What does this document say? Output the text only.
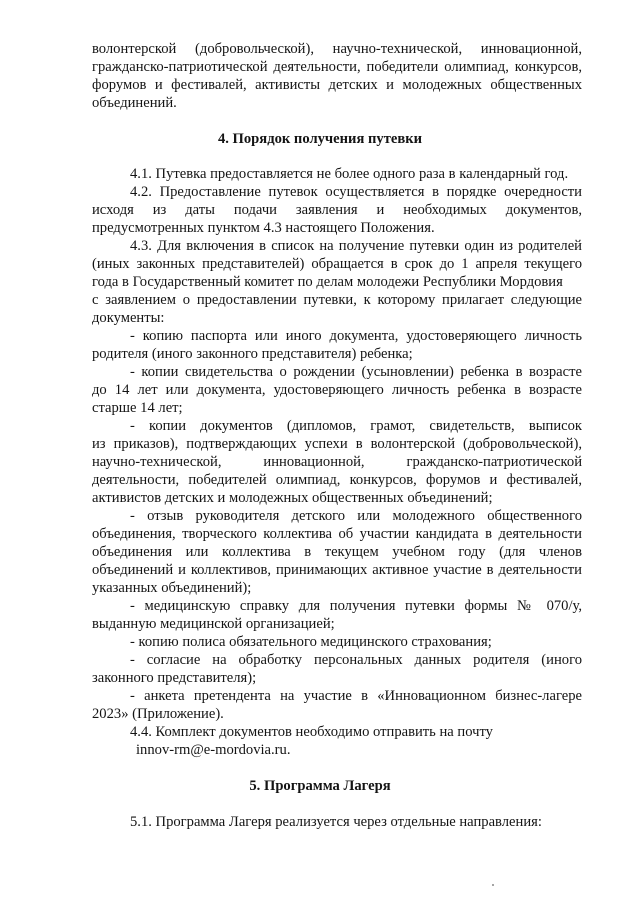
волонтерской (добровольческой), научно-технической, инновационной,
гражданско-патриотической деятельности, победители олимпиад, конкурсов,
форумов и фестивалей, активисты детских и молодежных общественных
объединений.
4. Порядок получения путевки
4.1. Путевка предоставляется не более одного раза в календарный год.
4.2. Предоставление путевок осуществляется в порядке очередности
исходя из даты подачи заявления и необходимых документов,
предусмотренных пунктом 4.3 настоящего Положения.
4.3. Для включения в список на получение путевки один из родителей
(иных законных представителей) обращается в срок до 1 апреля текущего
года в Государственный комитет по делам молодежи Республики Мордовия
с заявлением о предоставлении путевки, к которому прилагает следующие
документы:
- копию паспорта или иного документа, удостоверяющего личность
родителя (иного законного представителя) ребенка;
- копии свидетельства о рождении (усыновлении) ребенка в возрасте
до 14 лет или документа, удостоверяющего личность ребенка в возрасте
старше 14 лет;
- копии документов (дипломов, грамот, свидетельств, выписок
из приказов), подтверждающих успехи в волонтерской (добровольческой),
научно-технической, инновационной, гражданско-патриотической
деятельности, победителей олимпиад, конкурсов, форумов и фестивалей,
активистов детских и молодежных общественных объединений;
- отзыв руководителя детского или молодежного общественного
объединения, творческого коллектива об участии кандидата в деятельности
объединения или коллектива в текущем учебном году (для членов
объединений и коллективов, принимающих активное участие в деятельности
указанных объединений);
- медицинскую справку для получения путевки формы № 070/у,
выданную медицинской организацией;
- копию полиса обязательного медицинского страхования;
- согласие на обработку персональных данных родителя (иного
законного представителя);
- анкета претендента на участие в «Инновационном бизнес-лагере
2023» (Приложение).
4.4. Комплект документов необходимо отправить на почту
innov-rm@e-mordovia.ru.
5. Программа Лагеря
5.1. Программа Лагеря реализуется через отдельные направления:
